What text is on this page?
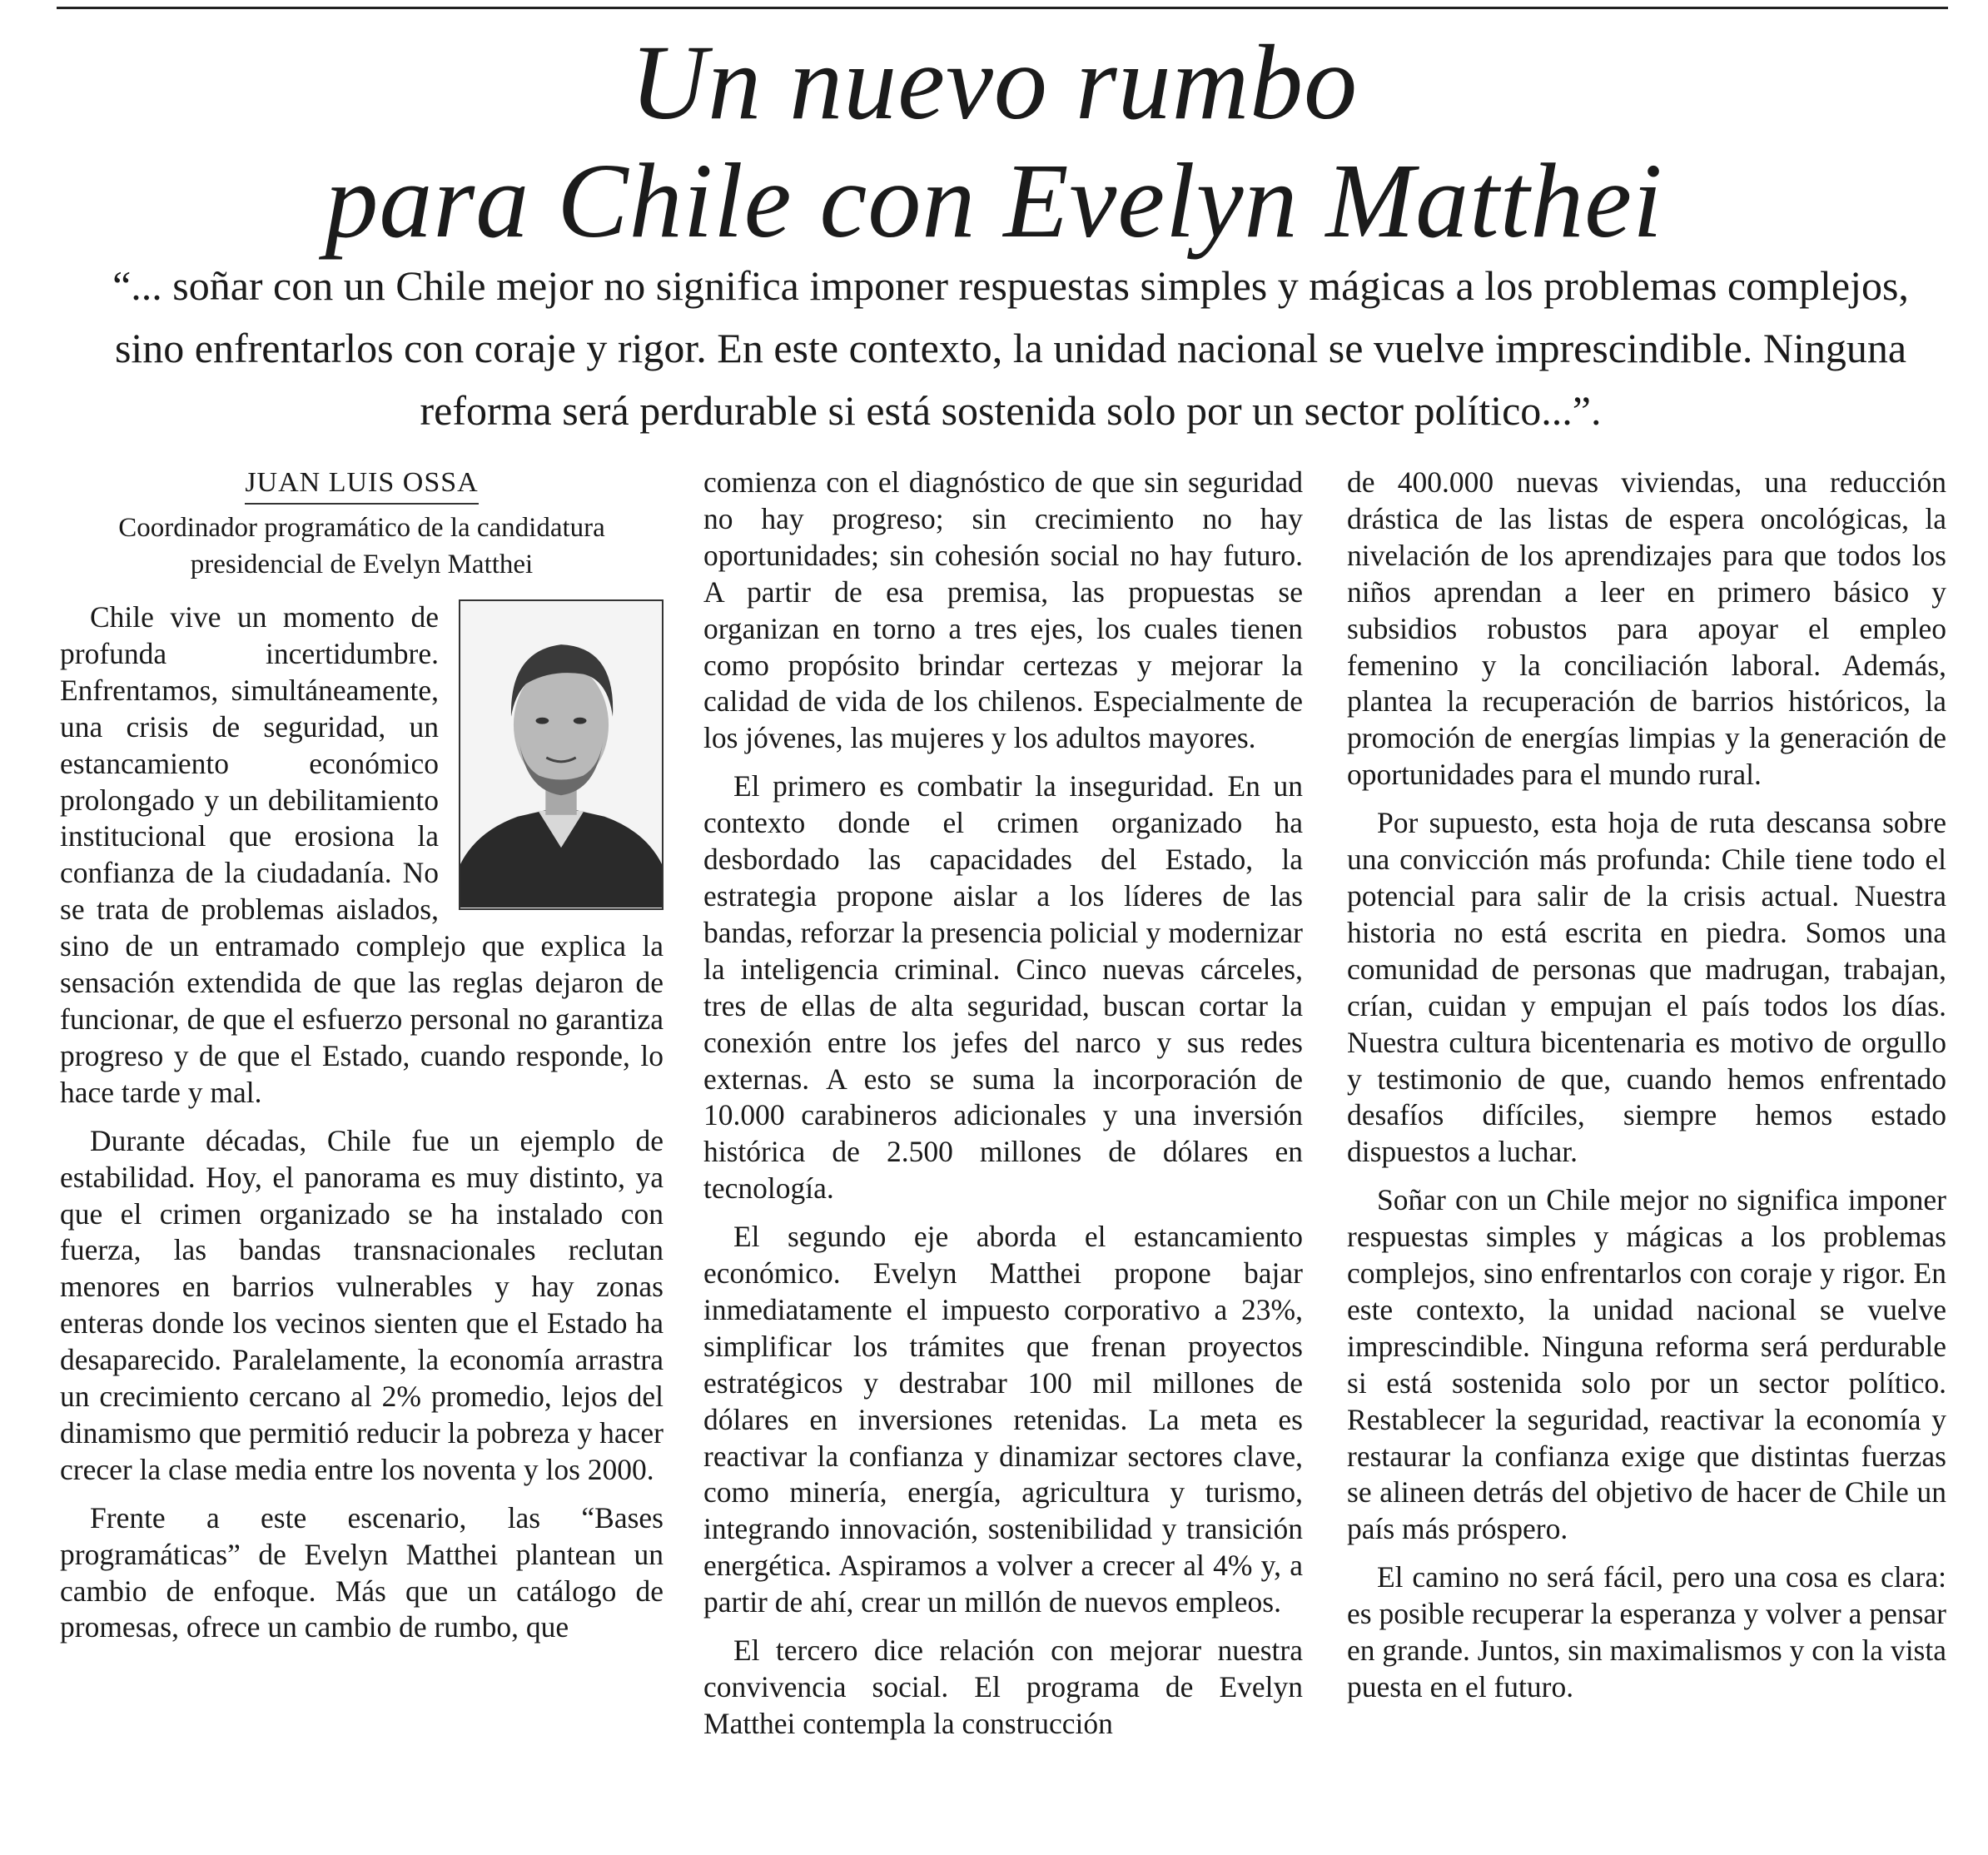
Un nuevo rumbo
para Chile con Evelyn Matthei
“... soñar con un Chile mejor no significa imponer respuestas simples y mágicas a los problemas complejos, sino enfrentarlos con coraje y rigor. En este contexto, la unidad nacional se vuelve imprescindible. Ninguna reforma será perdurable si está sostenida solo por un sector político...”.
JUAN LUIS OSSA
Coordinador programático de la candidatura presidencial de Evelyn Matthei

Chile vive un momento de profunda incertidumbre. Enfrentamos, simultáneamente, una crisis de seguridad, un estancamiento económico prolongado y un debilitamiento institucional que erosiona la confianza de la ciudadanía. No se trata de problemas aislados, sino de un entramado complejo que explica la sensación extendida de que las reglas dejaron de funcionar, de que el esfuerzo personal no garantiza progreso y de que el Estado, cuando responde, lo hace tarde y mal.

Durante décadas, Chile fue un ejemplo de estabilidad. Hoy, el panorama es muy distinto, ya que el crimen organizado se ha instalado con fuerza, las bandas transnacionales reclutan menores en barrios vulnerables y hay zonas enteras donde los vecinos sienten que el Estado ha desaparecido. Paralelamente, la economía arrastra un crecimiento cercano al 2% promedio, lejos del dinamismo que permitió reducir la pobreza y hacer crecer la clase media entre los noventa y los 2000.

Frente a este escenario, las “Bases programáticas” de Evelyn Matthei plantean un cambio de enfoque. Más que un catálogo de promesas, ofrece un cambio de rumbo, que

comienza con el diagnóstico de que sin seguridad no hay progreso; sin crecimiento no hay oportunidades; sin cohesión social no hay futuro. A partir de esa premisa, las propuestas se organizan en torno a tres ejes, los cuales tienen como propósito brindar certezas y mejorar la calidad de vida de los chilenos. Especialmente de los jóvenes, las mujeres y los adultos mayores.

El primero es combatir la inseguridad. En un contexto donde el crimen organizado ha desbordado las capacidades del Estado, la estrategia propone aislar a los líderes de las bandas, reforzar la presencia policial y modernizar la inteligencia criminal. Cinco nuevas cárceles, tres de ellas de alta seguridad, buscan cortar la conexión entre los jefes del narco y sus redes externas. A esto se suma la incorporación de 10.000 carabineros adicionales y una inversión histórica de 2.500 millones de dólares en tecnología.

El segundo eje aborda el estancamiento económico. Evelyn Matthei propone bajar inmediatamente el impuesto corporativo a 23%, simplificar los trámites que frenan proyectos estratégicos y destrabar 100 mil millones de dólares en inversiones retenidas. La meta es reactivar la confianza y dinamizar sectores clave, como minería, energía, agricultura y turismo, integrando innovación, sostenibilidad y transición energética. Aspiramos a volver a crecer al 4% y, a partir de ahí, crear un millón de nuevos empleos.

El tercero dice relación con mejorar nuestra convivencia social. El programa de Evelyn Matthei contempla la construcción

de 400.000 nuevas viviendas, una reducción drástica de las listas de espera oncológicas, la nivelación de los aprendizajes para que todos los niños aprendan a leer en primero básico y subsidios robustos para apoyar el empleo femenino y la conciliación laboral. Además, plantea la recuperación de barrios históricos, la promoción de energías limpias y la generación de oportunidades para el mundo rural.

Por supuesto, esta hoja de ruta descansa sobre una convicción más profunda: Chile tiene todo el potencial para salir de la crisis actual. Nuestra historia no está escrita en piedra. Somos una comunidad de personas que madrugan, trabajan, crían, cuidan y empujan el país todos los días. Nuestra cultura bicentenaria es motivo de orgullo y testimonio de que, cuando hemos enfrentado desafíos difíciles, siempre hemos estado dispuestos a luchar.

Soñar con un Chile mejor no significa imponer respuestas simples y mágicas a los problemas complejos, sino enfrentarlos con coraje y rigor. En este contexto, la unidad nacional se vuelve imprescindible. Ninguna reforma será perdurable si está sostenida solo por un sector político. Restablecer la seguridad, reactivar la economía y restaurar la confianza exige que distintas fuerzas se alineen detrás del objetivo de hacer de Chile un país más próspero.

El camino no será fácil, pero una cosa es clara: es posible recuperar la esperanza y volver a pensar en grande. Juntos, sin maximalismos y con la vista puesta en el futuro.
